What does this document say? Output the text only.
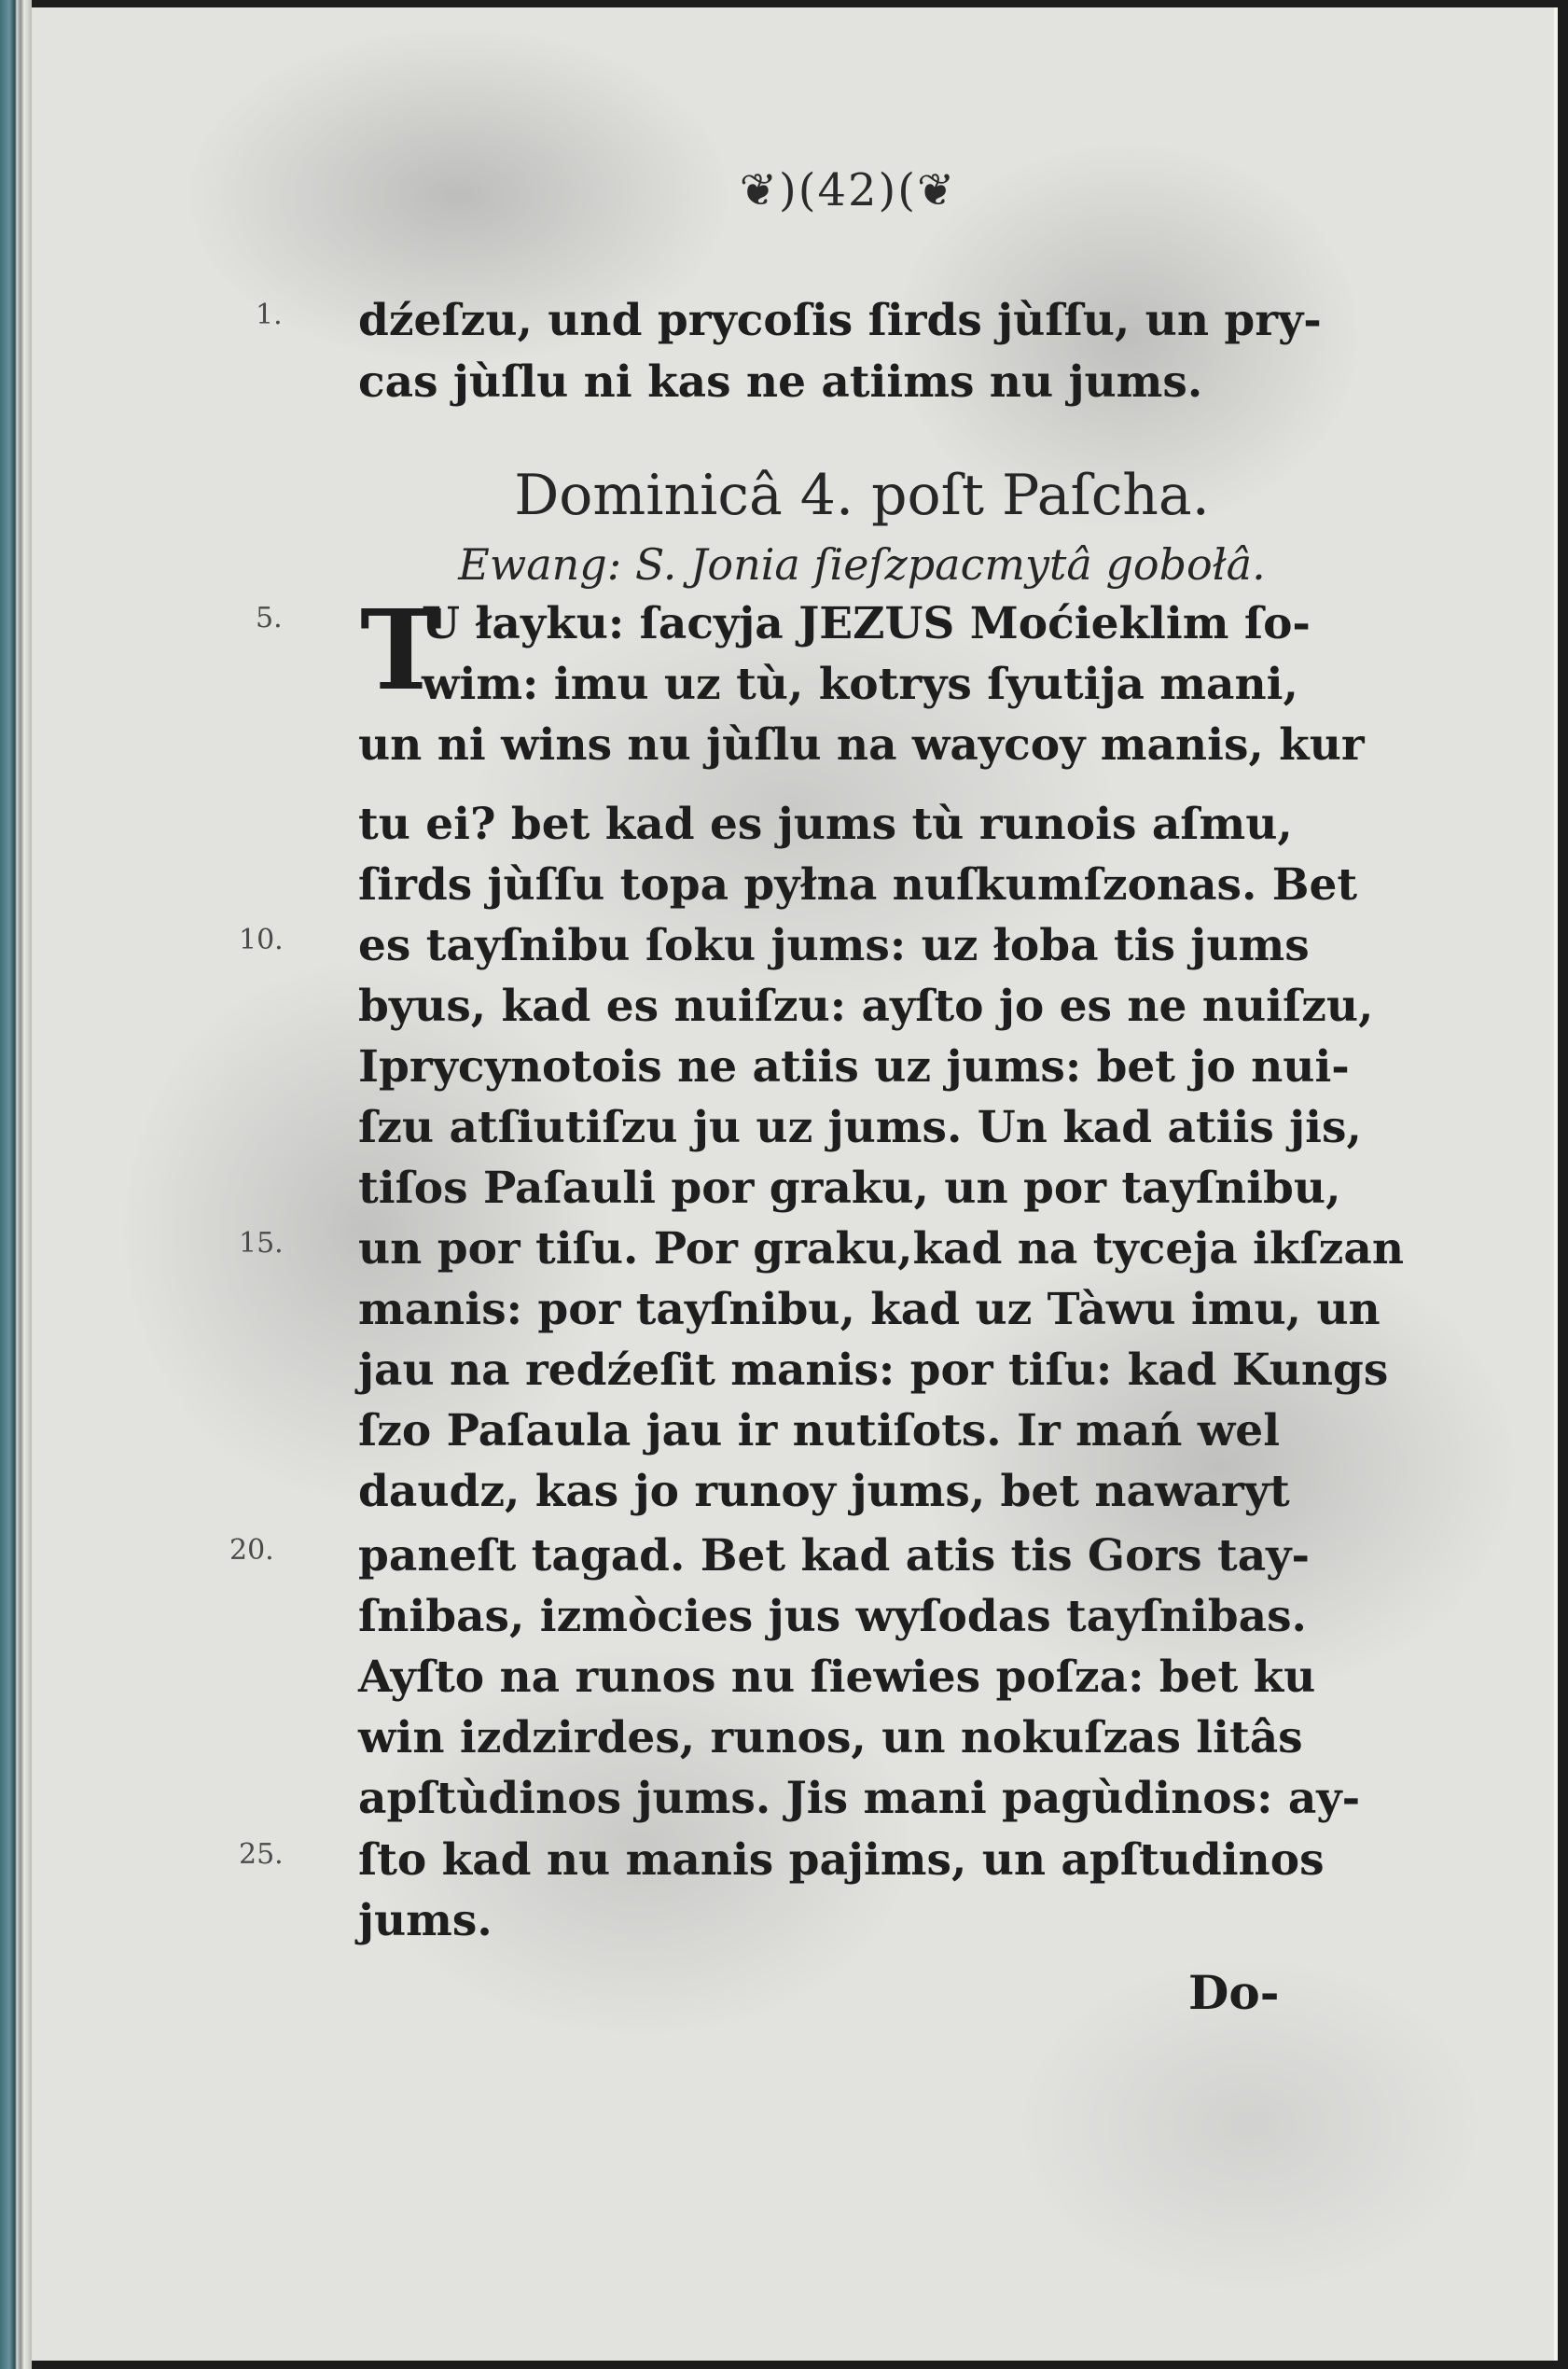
❦)(42)(❦
1.
5.
10.
15.
20.
25.
dźeſzu, und prycoſis ſirds jùſſu, un pry-
cas jùſlu ni kas ne atiims nu jums.
Dominicâ 4. poſt Paſcha.
Ewang: S. Jonia ſieſzpacmytâ gobołâ.
T
U łayku: ſacyja JEZUS Moćieklim ſo-
wim: imu uz tù, kotrys ſyutija mani,
un ni wins nu jùſlu na waycoy manis, kur
tu ei? bet kad es jums tù runois aſmu,
ſirds jùſſu topa pyłna nuſkumſzonas. Bet
es tayſnibu ſoku jums: uz łoba tis jums
byus, kad es nuiſzu: ayſto jo es ne nuiſzu,
Iprycynotois ne atiis uz jums: bet jo nui-
ſzu atſiutiſzu ju uz jums. Un kad atiis jis,
tiſos Paſauli por graku, un por tayſnibu,
un por tiſu. Por graku,kad na tyceja ikſzan
manis: por tayſnibu, kad uz Tàwu imu, un
jau na redźeſit manis: por tiſu: kad Kungs
ſzo Paſaula jau ir nutiſots. Ir mań wel
daudz, kas jo runoy jums, bet nawaryt
paneſt tagad. Bet kad atis tis Gors tay-
ſnibas, izmòcies jus wyſodas tayſnibas.
Ayſto na runos nu ſiewies poſza: bet ku
win izdzirdes, runos, un nokuſzas litâs
apſtùdinos jums. Jis mani pagùdinos: ay-
ſto kad nu manis pajims, un apſtudinos
jums.
Do-
